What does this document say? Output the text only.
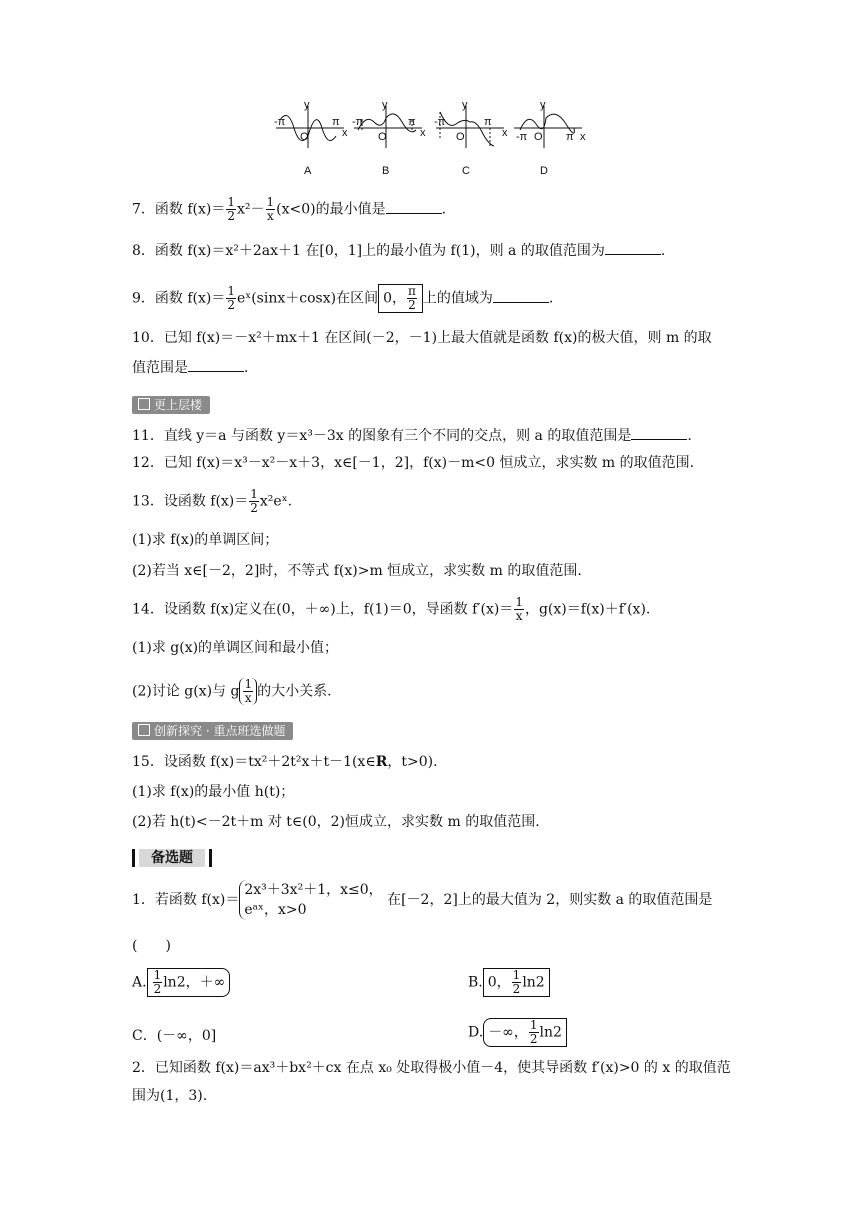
y
-π	π
O	x
y
-π	π
O	x
y
-π	π
O	x
y
-π	π
O	x
A	B	C	D
7．函数 $f(x)= \frac{1}{2} x^2- \frac{1}{x} (x<0)$的最小值是	.
8．函数 f(x)＝x²＋2ax＋1 在[0，1]上的最小值为 f(1)，则 a 的取值范围为	.
9．函数 $f(x)= \frac{1}{2}$ eˣ(sinx＋cosx)在区间 0， $\frac{\pi}{2}$ 上的值域为	.
10．已知 f(x)＝－x²＋mx＋1 在区间(－2，－1)上最大值就是函数 f(x)的极大值，则 m 的取
值范围是	.
更上层楼
11．直线 y＝a 与函数 y＝x³－3x 的图象有三个不同的交点，则 a 的取值范围是	.
12．已知 f(x)＝x³－x²－x＋3，x∈[－1，2]，f(x)－m<0 恒成立，求实数 m 的取值范围.
13．设函数 $f(x)= \frac{1}{2}$ x²eˣ.
(1)求 f(x)的单调区间；
(2)若当 x∈[－2，2]时，不等式 f(x)>m 恒成立，求实数 m 的取值范围.
14．设函数 f(x)定义在(0，＋∞)上，f(1)＝0，导函数 $f'(x)= \frac{1}{x}$ ，g(x)＝f(x)＋f′(x).
(1)求 g(x)的单调区间和最小值；
(2)讨论 g(x)与 g $\frac{1}{x}$ 的大小关系.
创新探究 · 重点班选做题
15．设函数 f(x)＝tx²＋2t²x＋t－1(x∈R，t>0).
(1)求 f(x)的最小值 h(t)；
(2)若 h(t)<－2t＋m 对 t∈(0，2)恒成立，求实数 m 的取值范围.
备选题
1．若函数 f(x)＝2x³＋3x²＋1，x≤0，
eᵃˣ，x>0 在[－2，2]上的最大值为 2，则实数 a 的取值范围是
(　　)
A. $\frac{1}{2} \ln 2$，＋∞	B. 0， $\frac{1}{2} \ln 2$
C．(－∞，0]	D. －∞， $\frac{1}{2} \ln 2$
2．已知函数 f(x)＝ax³＋bx²＋cx 在点 x₀ 处取得极小值－4，使其导函数 f′(x)>0 的 x 的取值范
围为(1，3).
